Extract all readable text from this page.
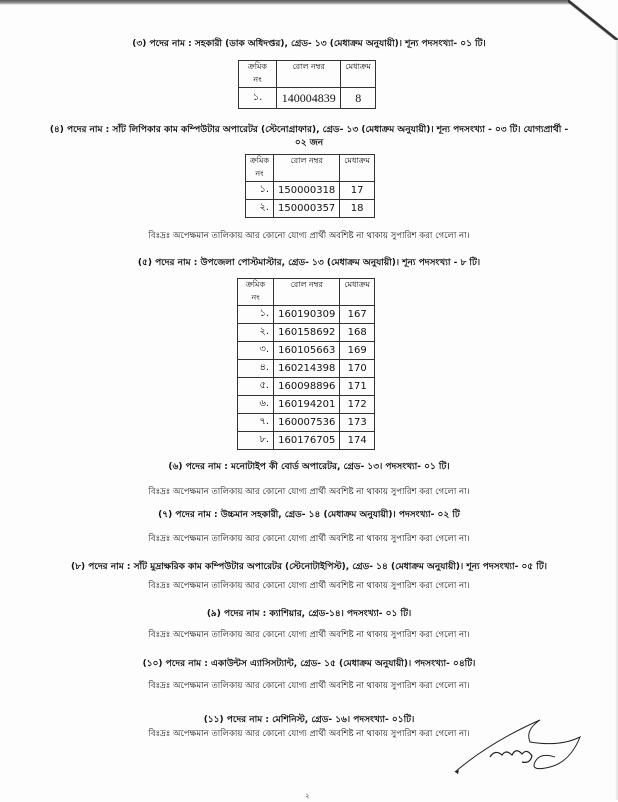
(৩) পদের নাম : সহকারী (ডাক অধিদপ্তর), গ্রেড- ১৩ (মেধাক্রম অনুযায়ী)। শূন্য পদসংখ্যা- ০১ টি।
ক্রমিক নং	রোল নম্বর	মেধাক্রম
১.	140004839	8
(৪) পদের নাম : সাঁট লিপিকার কাম কম্পিউটার অপারেটর (স্টেনোগ্রাফার), গ্রেড- ১৩ (মেধাক্রম অনুযায়ী)। শূন্য পদসংখ্যা - ০৩ টি। যোগ্যপ্রার্থী -
০২ জন
ক্রমিক নং	রোল নম্বর	মেধাক্রম
১.	150000318	17
২.	150000357	18
বিঃদ্রঃ অপেক্ষমান তালিকায় আর কোনো যোগ্য প্রার্থী অবশিষ্ট না থাকায় সুপারিশ করা গেলো না।
(৫) পদের নাম : উপজেলা পোস্টমাস্টার, গ্রেড- ১৩ (মেধাক্রম অনুযায়ী)। শূন্য পদসংখ্যা - ৮ টি।
ক্রমিক নং	রোল নম্বর	মেধাক্রম
১.	160190309	167
২.	160158692	168
৩.	160105663	169
৪.	160214398	170
৫.	160098896	171
৬.	160194201	172
৭.	160007536	173
৮.	160176705	174
(৬) পদের নাম : মনোটাইপ কী বোর্ড অপারেটর, গ্রেড- ১৩। পদসংখ্যা- ০১ টি।
বিঃদ্রঃ অপেক্ষমান তালিকায় আর কোনো যোগ্য প্রার্থী অবশিষ্ট না থাকায় সুপারিশ করা গেলো না।
(৭) পদের নাম : উচ্চমান সহকারী, গ্রেড- ১৪ (মেধাক্রম অনুযায়ী)। পদসংখ্যা- ০২ টি
বিঃদ্রঃ অপেক্ষমান তালিকায় আর কোনো যোগ্য প্রার্থী অবশিষ্ট না থাকায় সুপারিশ করা গেলো না।
(৮) পদের নাম : সাঁট মুদ্রাক্ষরিক কাম কম্পিউটার অপারেটর (স্টেনোটাইপিস্ট), গ্রেড- ১৪ (মেধাক্রম অনুযায়ী)। শূন্য পদসংখ্যা- ০৫ টি।
বিঃদ্রঃ অপেক্ষমান তালিকায় আর কোনো যোগ্য প্রার্থী অবশিষ্ট না থাকায় সুপারিশ করা গেলো না।
(৯) পদের নাম : ক্যাশিয়ার, গ্রেড-১৪। পদসংখ্যা- ০১ টি।
বিঃদ্রঃ অপেক্ষমান তালিকায় আর কোনো যোগ্য প্রার্থী অবশিষ্ট না থাকায় সুপারিশ করা গেলো না।
(১০) পদের নাম : একাউন্টস এ্যাসিসট্যান্ট, গ্রেড- ১৫ (মেধাক্রম অনুযায়ী)। পদসংখ্যা- ০৪টি।
বিঃদ্রঃ অপেক্ষমান তালিকায় আর কোনো যোগ্য প্রার্থী অবশিষ্ট না থাকায় সুপারিশ করা গেলো না।
(১১) পদের নাম : মেশিনিস্ট, গ্রেড- ১৬। পদসংখ্যা- ০১টি।
বিঃদ্রঃ অপেক্ষমান তালিকায় আর কোনো যোগ্য প্রার্থী অবশিষ্ট না থাকায় সুপারিশ করা গেলো না।
২
